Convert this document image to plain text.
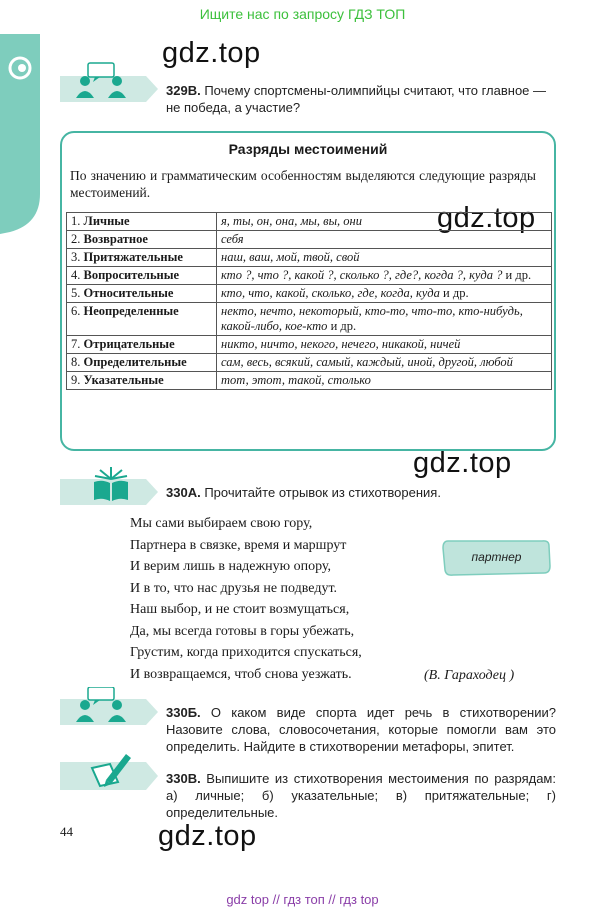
Ищите нас по запросу ГДЗ ТОП
gdz.top
gdz.top
gdz.top
gdz.top
329В. Почему спортсмены-олимпийцы считают, что главное — не победа, а участие?
Разряды местоимений
По значению и грамматическим особенностям выделяются следующие разряды местоимений.
1. Личные	я, ты, он, она, мы, вы, они
2. Возвратное	себя
3. Притяжательные	наш, ваш, мой, твой, свой
4. Вопросительные	кто ?, что ?, какой ?, сколько ?, где?, когда ?, куда ? и др.
5. Относительные	кто, что, какой, сколько, где, когда, куда и др.
6. Неопределенные	некто, нечто, некоторый, кто-то, что-то, кто-нибудь, какой-либо, кое-кто и др.
7. Отрицательные	никто, ничто, некого, нечего, никакой, ничей
8. Определительные	сам, весь, всякий, самый, каждый, иной, другой, любой
9. Указательные	тот, этот, такой, столько
330А. Прочитайте отрывок из стихотворения.
Мы сами выбираем свою гору,
Партнера в связке, время и маршрут
И верим лишь в надежную опору,
И в то, что нас друзья не подведут.
Наш выбор, и не стоит возмущаться,
Да, мы всегда готовы в горы убежать,
Грустим, когда приходится спускаться,
И возвращаемся, чтоб снова уезжать.	(В. Гараходец )
партнер
330Б. О каком виде спорта идет речь в стихотворении? Назовите слова, словосочетания, которые помогли вам это определить. Найдите в стихотворении метафоры, эпитет.
330В. Выпишите из стихотворения местоимения по разрядам: а) личные; б) указательные; в) притяжательные; г) определительные.
44
gdz top // гдз топ // гдз top
